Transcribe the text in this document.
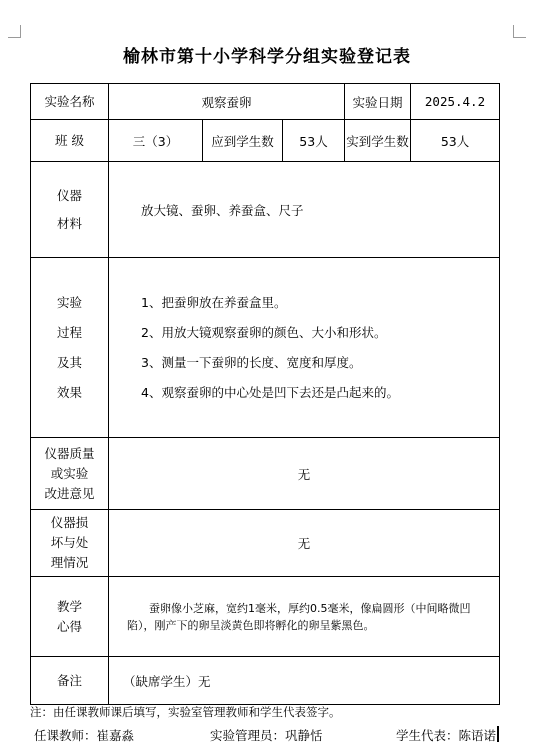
榆林市第十小学科学分组实验登记表
实验名称	观察蚕卵			实验日期	2025.4.2
班 级	三（3）	应到学生数	53人	实到学生数	53人

仪器
材料	放大镜、蚕卵、养蚕盒、尺子				

实验
过程
及其
效果	1、把蚕卵放在养蚕盒里。
2、用放大镜观察蚕卵的颜色、大小和形状。
3、测量一下蚕卵的长度、宽度和厚度。
4、观察蚕卵的中心处是凹下去还是凸起来的。				

仪器质量
或实验
改进意见	无				

仪器损
坏与处
理情况	无				

教学
心得	蚕卵像小芝麻，宽约1毫米，厚约0.5毫米，像扁圆形（中间略微凹陷），刚产下的卵呈淡黄色即将孵化的卵呈紫黑色。				

备注	（缺席学生）无				
注：由任课教师课后填写，实验室管理教师和学生代表签字。
任课教师：崔嘉淼	实验管理员：巩静恬	学生代表：陈语诺
